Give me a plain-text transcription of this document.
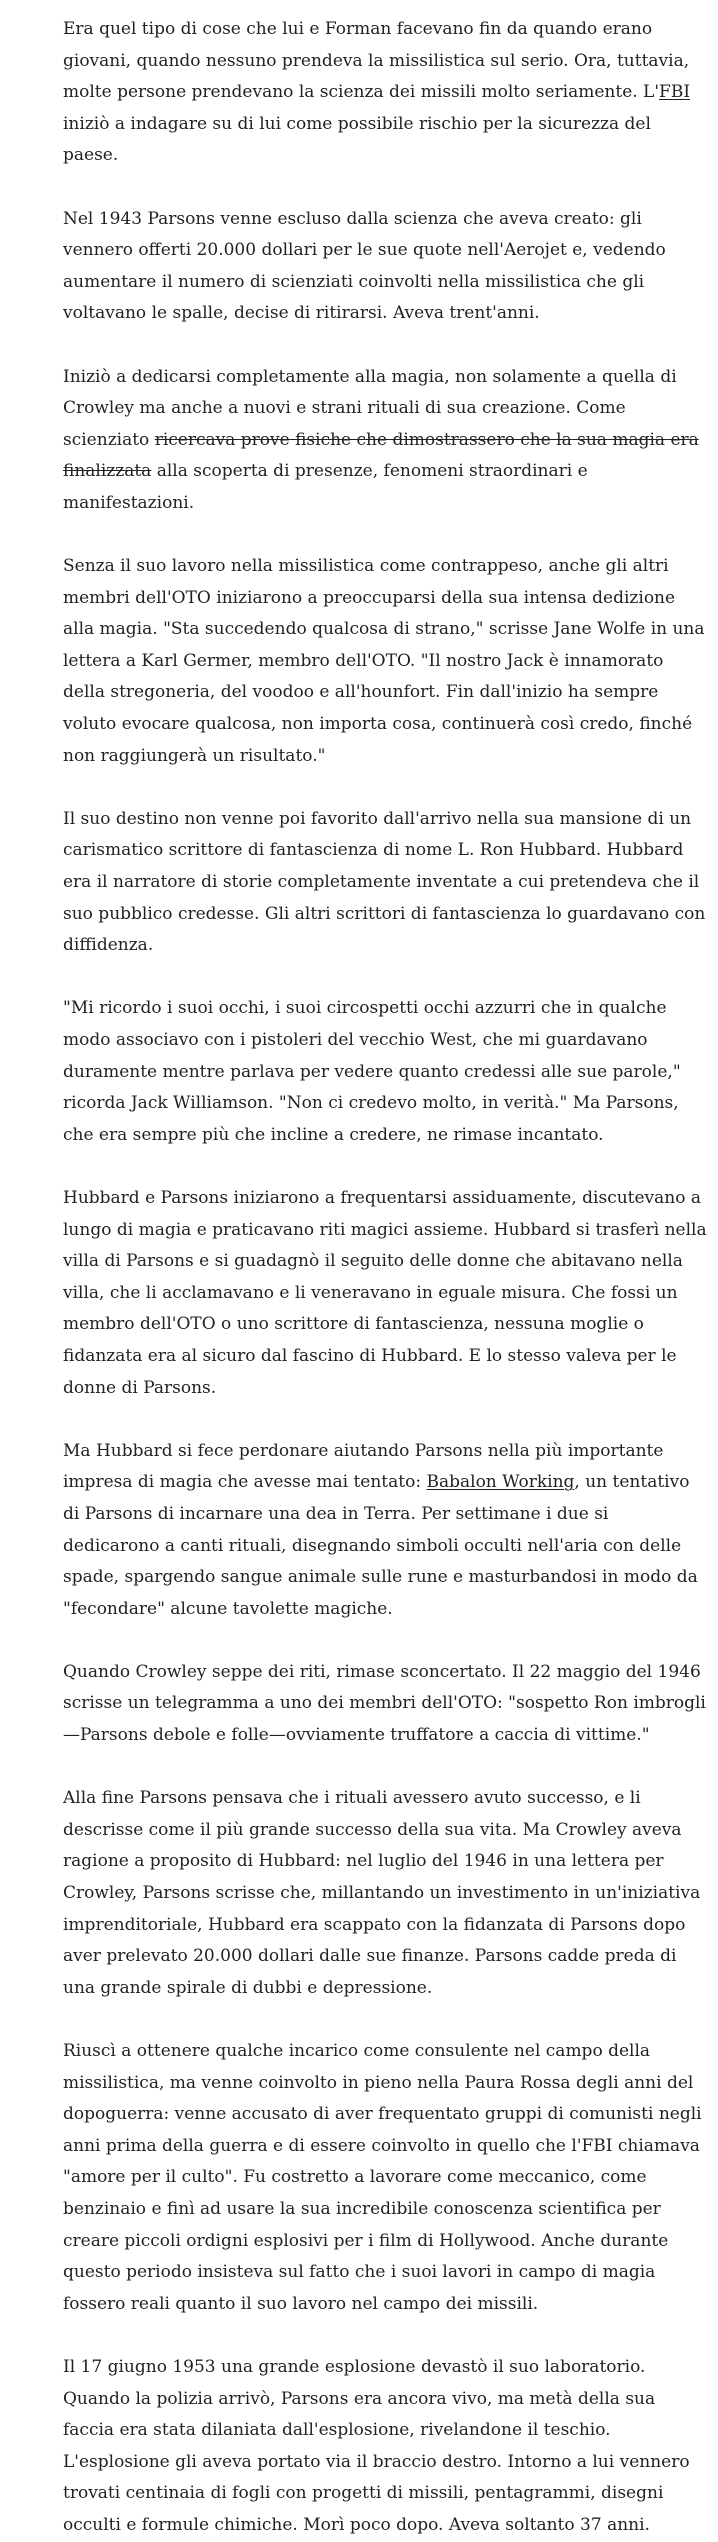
Era quel tipo di cose che lui e Forman facevano fin da quando erano giovani, quando nessuno prendeva la missilistica sul serio. Ora, tuttavia, molte persone prendevano la scienza dei missili molto seriamente. L'FBI iniziò a indagare su di lui come possibile rischio per la sicurezza del paese.

Nel 1943 Parsons venne escluso dalla scienza che aveva creato: gli vennero offerti 20.000 dollari per le sue quote nell'Aerojet e, vedendo aumentare il numero di scienziati coinvolti nella missilistica che gli voltavano le spalle, decise di ritirarsi. Aveva trent'anni.

Iniziò a dedicarsi completamente alla magia, non solamente a quella di Crowley ma anche a nuovi e strani rituali di sua creazione. Come scienziato ricercava prove fisiche che dimostrassero che la sua magia era finalizzata alla scoperta di presenze, fenomeni straordinari e manifestazioni.

Senza il suo lavoro nella missilistica come contrappeso, anche gli altri membri dell'OTO iniziarono a preoccuparsi della sua intensa dedizione alla magia. "Sta succedendo qualcosa di strano," scrisse Jane Wolfe in una lettera a Karl Germer, membro dell'OTO. "Il nostro Jack è innamorato della stregoneria, del voodoo e all'hounfort. Fin dall'inizio ha sempre voluto evocare qualcosa, non importa cosa, continuerà così credo, finché non raggiungerà un risultato."

Il suo destino non venne poi favorito dall'arrivo nella sua mansione di un carismatico scrittore di fantascienza di nome L. Ron Hubbard. Hubbard era il narratore di storie completamente inventate a cui pretendeva che il suo pubblico credesse. Gli altri scrittori di fantascienza lo guardavano con diffidenza.

"Mi ricordo i suoi occhi, i suoi circospetti occhi azzurri che in qualche modo associavo con i pistoleri del vecchio West, che mi guardavano duramente mentre parlava per vedere quanto credessi alle sue parole," ricorda Jack Williamson. "Non ci credevo molto, in verità." Ma Parsons, che era sempre più che incline a credere, ne rimase incantato.

Hubbard e Parsons iniziarono a frequentarsi assiduamente, discutevano a lungo di magia e praticavano riti magici assieme. Hubbard si trasferì nella villa di Parsons e si guadagnò il seguito delle donne che abitavano nella villa, che li acclamavano e li veneravano in eguale misura. Che fossi un membro dell'OTO o uno scrittore di fantascienza, nessuna moglie o fidanzata era al sicuro dal fascino di Hubbard. E lo stesso valeva per le donne di Parsons.

Ma Hubbard si fece perdonare aiutando Parsons nella più importante impresa di magia che avesse mai tentato: Babalon Working, un tentativo di Parsons di incarnare una dea in Terra. Per settimane i due si dedicarono a canti rituali, disegnando simboli occulti nell'aria con delle spade, spargendo sangue animale sulle rune e masturbandosi in modo da "fecondare" alcune tavolette magiche.

Quando Crowley seppe dei riti, rimase sconcertato. Il 22 maggio del 1946 scrisse un telegramma a uno dei membri dell'OTO: "sospetto Ron imbrogli—Parsons debole e folle—ovviamente truffatore a caccia di vittime."

Alla fine Parsons pensava che i rituali avessero avuto successo, e li descrisse come il più grande successo della sua vita. Ma Crowley aveva ragione a proposito di Hubbard: nel luglio del 1946 in una lettera per Crowley, Parsons scrisse che, millantando un investimento in un'iniziativa imprenditoriale, Hubbard era scappato con la fidanzata di Parsons dopo aver prelevato 20.000 dollari dalle sue finanze. Parsons cadde preda di una grande spirale di dubbi e depressione.

Riuscì a ottenere qualche incarico come consulente nel campo della missilistica, ma venne coinvolto in pieno nella Paura Rossa degli anni del dopoguerra: venne accusato di aver frequentato gruppi di comunisti negli anni prima della guerra e di essere coinvolto in quello che l'FBI chiamava "amore per il culto". Fu costretto a lavorare come meccanico, come benzinaio e finì ad usare la sua incredibile conoscenza scientifica per creare piccoli ordigni esplosivi per i film di Hollywood. Anche durante questo periodo insisteva sul fatto che i suoi lavori in campo di magia fossero reali quanto il suo lavoro nel campo dei missili.

Il 17 giugno 1953 una grande esplosione devastò il suo laboratorio. Quando la polizia arrivò, Parsons era ancora vivo, ma metà della sua faccia era stata dilaniata dall'esplosione, rivelandone il teschio. L'esplosione gli aveva portato via il braccio destro. Intorno a lui vennero trovati centinaia di fogli con progetti di missili, pentagrammi, disegni occulti e formule chimiche. Morì poco dopo. Aveva soltanto 37 anni.
